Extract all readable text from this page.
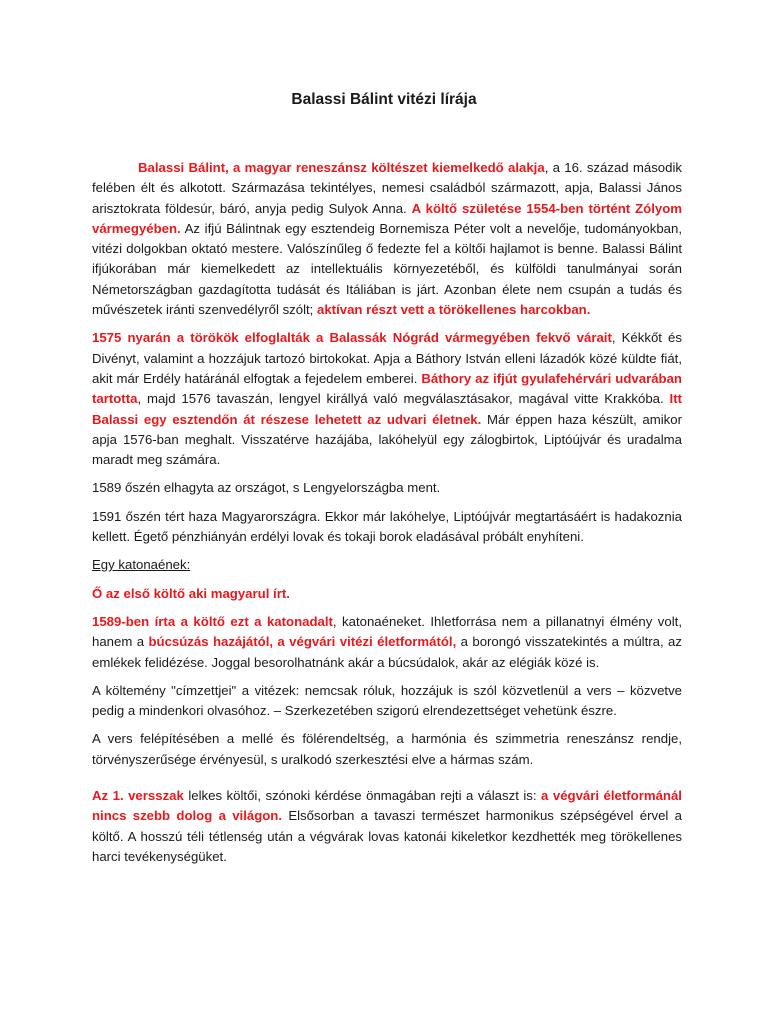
Balassi Bálint vitézi lírája

Balassi Bálint, a magyar reneszánsz költészet kiemelkedő alakja, a 16. század második felében élt és alkotott. Származása tekintélyes, nemesi családból származott, apja, Balassi János arisztokrata földesúr, báró, anyja pedig Sulyok Anna. A költő születése 1554-ben történt Zólyom vármegyében. Az ifjú Bálintnak egy esztendeig Bornemisza Péter volt a nevelője, tudományokban, vitézi dolgokban oktató mestere. Valószínűleg ő fedezte fel a költői hajlamot is benne. Balassi Bálint ifjúkorában már kiemelkedett az intellektuális környezetéből, és külföldi tanulmányai során Németországban gazdagította tudását és Itáliában is járt. Azonban élete nem csupán a tudás és művészetek iránti szenvedélyről szólt; aktívan részt vett a törökellenes harcokban.

1575 nyarán a törökök elfoglalták a Balassák Nógrád vármegyében fekvő várait, Kékkőt és Divényt, valamint a hozzájuk tartozó birtokokat. Apja a Báthory István elleni lázadók közé küldte fiát, akit már Erdély határánál elfogtak a fejedelem emberei. Báthory az ifjút gyulafehérvári udvarában tartotta, majd 1576 tavaszán, lengyel királlyá való megválasztásakor, magával vitte Krakkóba. Itt Balassi egy esztendőn át részese lehetett az udvari életnek. Már éppen haza készült, amikor apja 1576-ban meghalt. Visszatérve hazájába, lakóhelyül egy zálogbirtok, Liptóújvár és uradalma maradt meg számára.

1589 őszén elhagyta az országot, s Lengyelországba ment.

1591 őszén tért haza Magyarországra. Ekkor már lakóhelye, Liptóújvár megtartásáért is hadakoznia kellett. Égető pénzhiányán erdélyi lovak és tokaji borok eladásával próbált enyhíteni.

Egy katonaének:

Ő az első költő aki magyarul írt.

1589-ben írta a költő ezt a katonadalt, katonaéneket. Ihletforrása nem a pillanatnyi élmény volt, hanem a búcsúzás hazájától, a végvári vitézi életformától, a borongó visszatekintés a múltra, az emlékek felidézése. Joggal besorolhatnánk akár a búcsúdalok, akár az elégiák közé is.

A költemény "címzettjei" a vitézek: nemcsak róluk, hozzájuk is szól közvetlenül a vers – közvetve pedig a mindenkori olvasóhoz. – Szerkezetében szigorú elrendezettséget vehetünk észre.

A vers felépítésében a mellé és fölérendeltség, a harmónia és szimmetria reneszánsz rendje, törvényszerűsége érvényesül, s uralkodó szerkesztési elve a hármas szám.

Az 1. versszak lelkes költői, szónoki kérdése önmagában rejti a választ is: a végvári életformánál nincs szebb dolog a világon. Elsősorban a tavaszi természet harmonikus szépségével érvel a költő. A hosszú téli tétlenség után a végvárak lovas katonái kikeletkor kezdhették meg törökellenes harci tevékenységüket.
